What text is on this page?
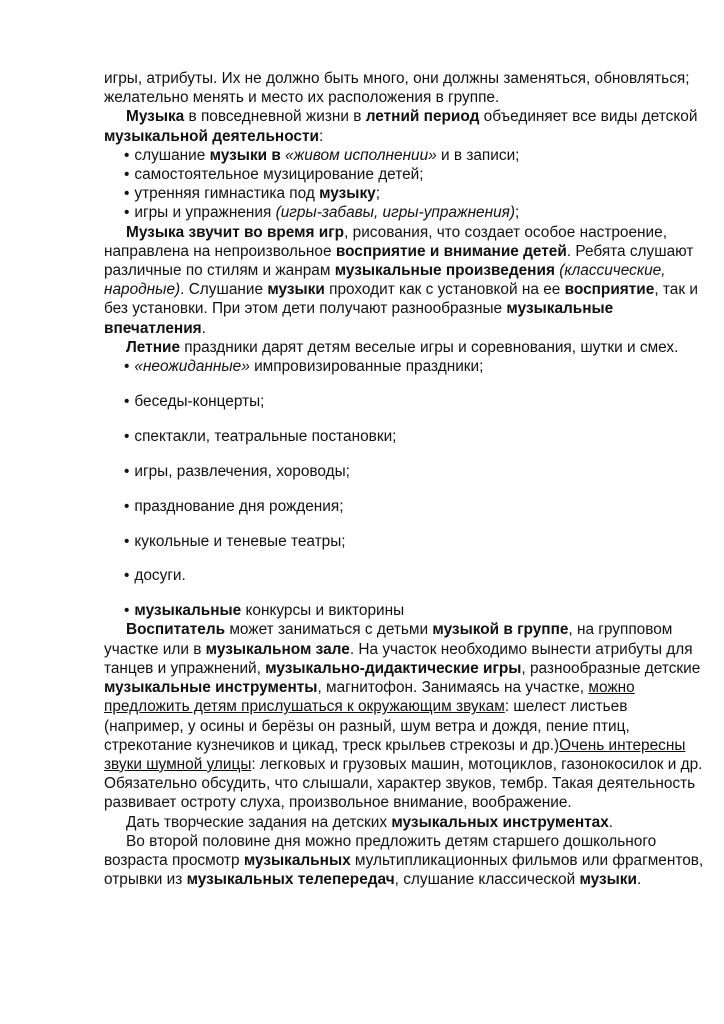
игры, атрибуты. Их не должно быть много, они должны заменяться, обновляться; желательно менять и место их расположения в группе.

Музыка в повседневной жизни в летний период объединяет все виды детской музыкальной деятельности:

• слушание музыки в «живом исполнении» и в записи;
• самостоятельное музицирование детей;
• утренняя гимнастика под музыку;
• игры и упражнения (игры-забавы, игры-упражнения);

Музыка звучит во время игр, рисования, что создает особое настроение, направлена на непроизвольное восприятие и внимание детей. Ребята слушают различные по стилям и жанрам музыкальные произведения (классические, народные). Слушание музыки проходит как с установкой на ее восприятие, так и без установки. При этом дети получают разнообразные музыкальные впечатления.

Летние праздники дарят детям веселые игры и соревнования, шутки и смех.

• «неожиданные» импровизированные праздники;
• беседы-концерты;
• спектакли, театральные постановки;
• игры, развлечения, хороводы;
• празднование дня рождения;
• кукольные и теневые театры;
• досуги.
• музыкальные конкурсы и викторины

Воспитатель может заниматься с детьми музыкой в группе, на групповом участке или в музыкальном зале. На участок необходимо вынести атрибуты для танцев и упражнений, музыкально-дидактические игры, разнообразные детские музыкальные инструменты, магнитофон. Занимаясь на участке, можно предложить детям прислушаться к окружающим звукам: шелест листьев (например, у осины и берёзы он разный, шум ветра и дождя, пение птиц, стрекотание кузнечиков и цикад, треск крыльев стрекозы и др.)Очень интересны звуки шумной улицы: легковых и грузовых машин, мотоциклов, газонокосилок и др. Обязательно обсудить, что слышали, характер звуков, тембр. Такая деятельность развивает остроту слуха, произвольное внимание, воображение.

Дать творческие задания на детских музыкальных инструментах.

Во второй половине дня можно предложить детям старшего дошкольного возраста просмотр музыкальных мультипликационных фильмов или фрагментов, отрывки из музыкальных телепередач, слушание классической музыки.
